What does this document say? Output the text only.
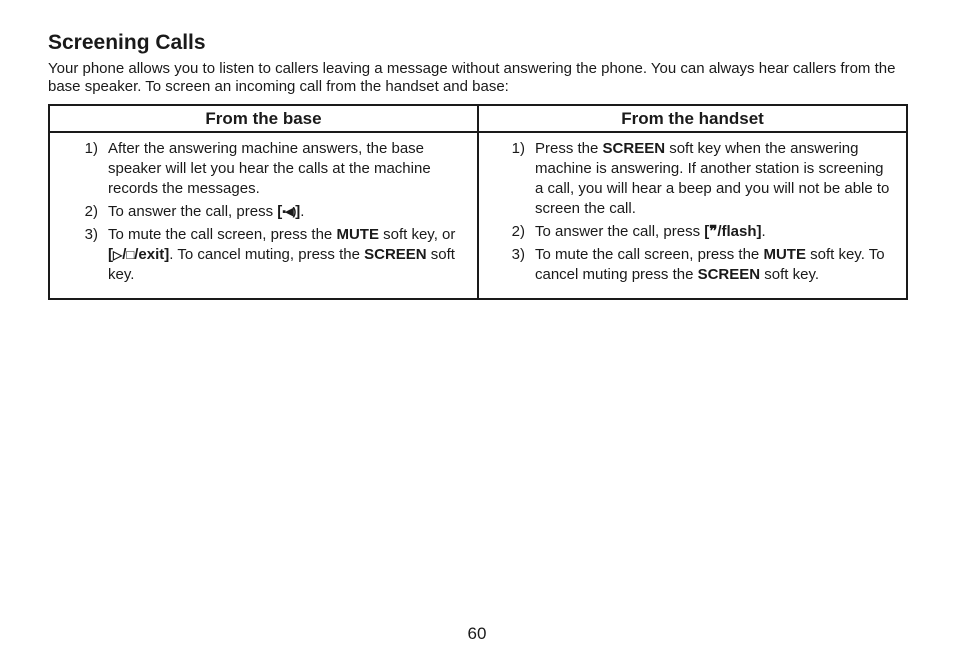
Screening Calls

Your phone allows you to listen to callers leaving a message without answering the phone. You can always hear callers from the base speaker. To screen an incoming call from the handset and base:

From the base
1) After the answering machine answers, the base speaker will let you hear the calls at the machine records the messages.
2) To answer the call, press [▪◀)].
3) To mute the call screen, press the MUTE soft key, or [▷/□/exit]. To cancel muting, press the SCREEN soft key.
From the handset
1) Press the SCREEN soft key when the answering machine is answering. If another station is screening a call, you will hear a beep and you will not be able to screen the call.
2) To answer the call, press [❞/flash].
3) To mute the call screen, press the MUTE soft key. To cancel muting press the SCREEN soft key.
60
